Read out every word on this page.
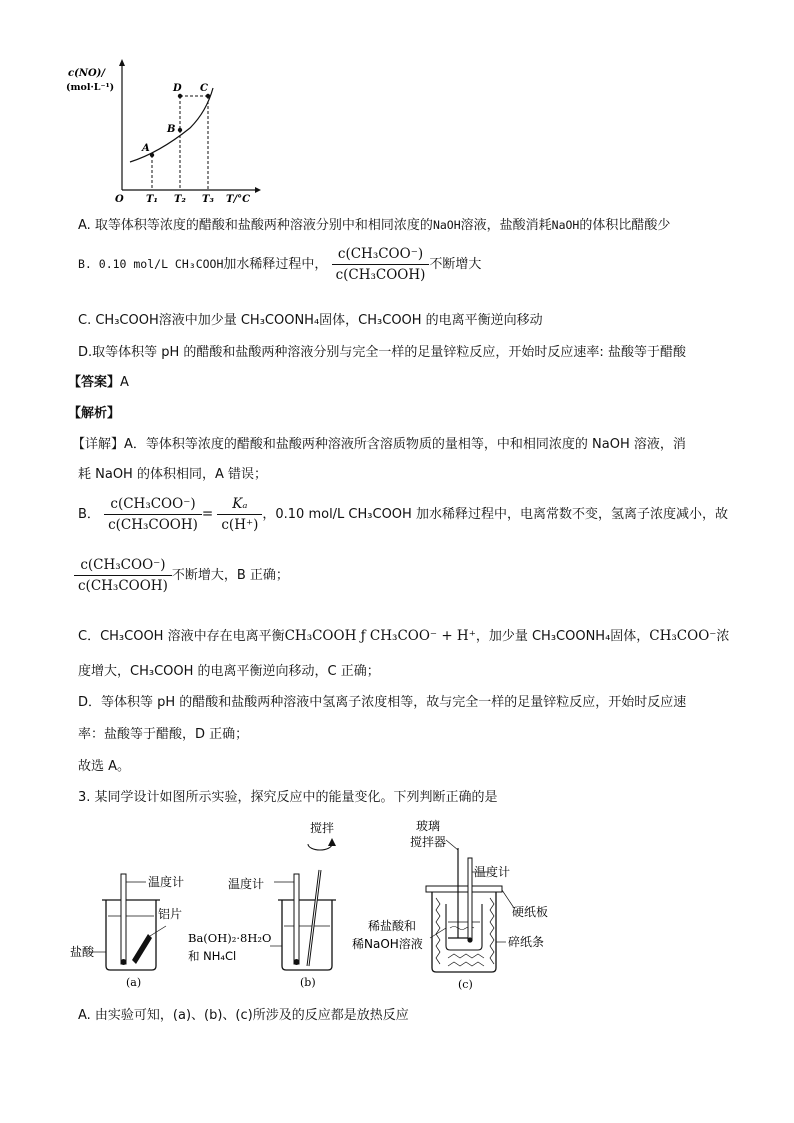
c(NO)/
(mol·L⁻¹)
O	T/°C
T₁ T₂ T₃
A
B
D C
A. 取等体积等浓度的醋酸和盐酸两种溶液分别中和相同浓度的NaOH溶液，盐酸消耗NaOH的体积比醋酸少
B. 0.10 mol/L CH₃COOH加水稀释过程中， $\frac{\text{c(CH₃COO⁻)}}{\text{c(CH₃COOH)}}$ 不断增大
C. CH₃COOH溶液中加少量 CH₃COONH₄固体，CH₃COOH 的电离平衡逆向移动
D.取等体积等 pH 的醋酸和盐酸两种溶液分别与完全一样的足量锌粒反应，开始时反应速率: 盐酸等于醋酸
【答案】A
【解析】
【详解】A．等体积等浓度的醋酸和盐酸两种溶液所含溶质物质的量相等，中和相同浓度的 NaOH 溶液，消
耗 NaOH 的体积相同，A 错误；
B． $\frac{\text{c(CH₃COO⁻)}}{\text{c(CH₃COOH)}} = \frac{\text{Kₐ}}{c(H^+)}$ ，0.10 mol/L CH₃COOH 加水稀释过程中，电离常数不变，氢离子浓度减小，故
$\frac{\text{c(CH₃COO⁻)}}{\text{c(CH₃COOH)}}$ 不断增大，B 正确；
C．CH₃COOH 溶液中存在电离平衡CH₃COOH ƒ CH₃COO⁻ + H⁺，加少量 CH₃COONH₄固体，CH₃COO⁻浓
度增大，CH₃COOH 的电离平衡逆向移动，C 正确；
D．等体积等 pH 的醋酸和盐酸两种溶液中氢离子浓度相等，故与完全一样的足量锌粒反应，开始时反应速
率：盐酸等于醋酸，D 正确；
故选 A。
3. 某同学设计如图所示实验，探究反应中的能量变化。下列判断正确的是
温度计
铝片
盐酸
(a)
搅拌
温度计
Ba(OH)₂·8H₂O
和 NH₄Cl
(b)
玻璃
搅拌器
温度计
硬纸板
稀盐酸和
稀NaOH溶液	碎纸条
(c)
A. 由实验可知，(a)、(b)、(c)所涉及的反应都是放热反应
